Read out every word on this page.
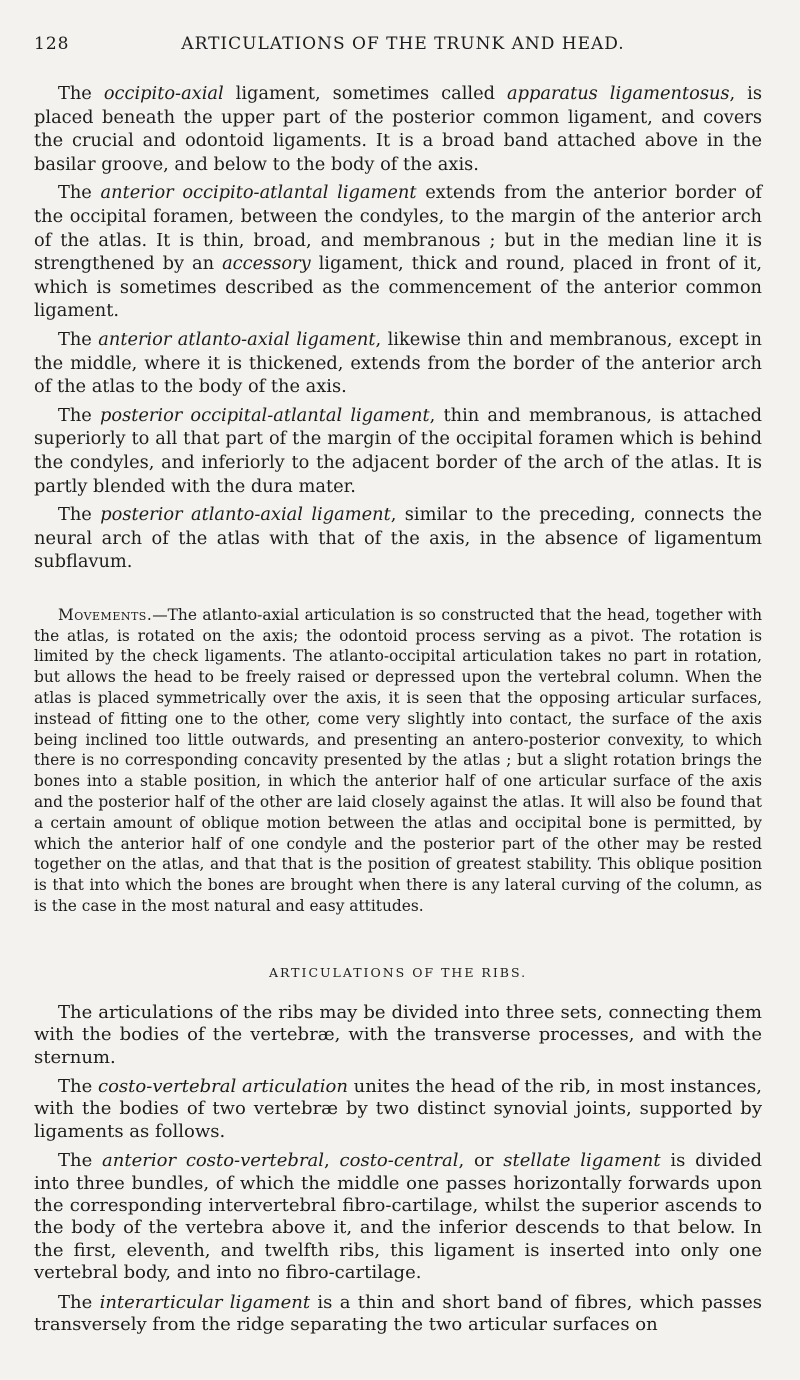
128	ARTICULATIONS OF THE TRUNK AND HEAD.

The occipito-axial ligament, sometimes called apparatus ligamentosus, is placed beneath the upper part of the posterior common ligament, and covers the crucial and odontoid ligaments. It is a broad band attached above in the basilar groove, and below to the body of the axis.

The anterior occipito-atlantal ligament extends from the anterior border of the occipital foramen, between the condyles, to the margin of the anterior arch of the atlas. It is thin, broad, and membranous ; but in the median line it is strengthened by an accessory ligament, thick and round, placed in front of it, which is sometimes described as the commencement of the anterior common ligament.

The anterior atlanto-axial ligament, likewise thin and membranous, except in the middle, where it is thickened, extends from the border of the anterior arch of the atlas to the body of the axis.

The posterior occipital-atlantal ligament, thin and membranous, is attached superiorly to all that part of the margin of the occipital foramen which is behind the condyles, and inferiorly to the adjacent border of the arch of the atlas. It is partly blended with the dura mater.

The posterior atlanto-axial ligament, similar to the preceding, connects the neural arch of the atlas with that of the axis, in the absence of ligamentum subflavum.

Movements.—The atlanto-axial articulation is so constructed that the head, together with the atlas, is rotated on the axis; the odontoid process serving as a pivot. The rotation is limited by the check ligaments. The atlanto-occipital articulation takes no part in rotation, but allows the head to be freely raised or depressed upon the vertebral column. When the atlas is placed symmetrically over the axis, it is seen that the opposing articular surfaces, instead of fitting one to the other, come very slightly into contact, the surface of the axis being inclined too little outwards, and presenting an antero-posterior convexity, to which there is no corresponding concavity presented by the atlas ; but a slight rotation brings the bones into a stable position, in which the anterior half of one articular surface of the axis and the posterior half of the other are laid closely against the atlas. It will also be found that a certain amount of oblique motion between the atlas and occipital bone is permitted, by which the anterior half of one condyle and the posterior part of the other may be rested together on the atlas, and that that is the position of greatest stability. This oblique position is that into which the bones are brought when there is any lateral curving of the column, as is the case in the most natural and easy attitudes.
ARTICULATIONS OF THE RIBS.

The articulations of the ribs may be divided into three sets, connecting them with the bodies of the vertebræ, with the transverse processes, and with the sternum.

The costo-vertebral articulation unites the head of the rib, in most instances, with the bodies of two vertebræ by two distinct synovial joints, supported by ligaments as follows.

The anterior costo-vertebral, costo-central, or stellate ligament is divided into three bundles, of which the middle one passes horizontally forwards upon the corresponding intervertebral fibro-cartilage, whilst the superior ascends to the body of the vertebra above it, and the inferior descends to that below. In the first, eleventh, and twelfth ribs, this ligament is inserted into only one vertebral body, and into no fibro-cartilage.

The interarticular ligament is a thin and short band of fibres, which passes transversely from the ridge separating the two articular surfaces on
